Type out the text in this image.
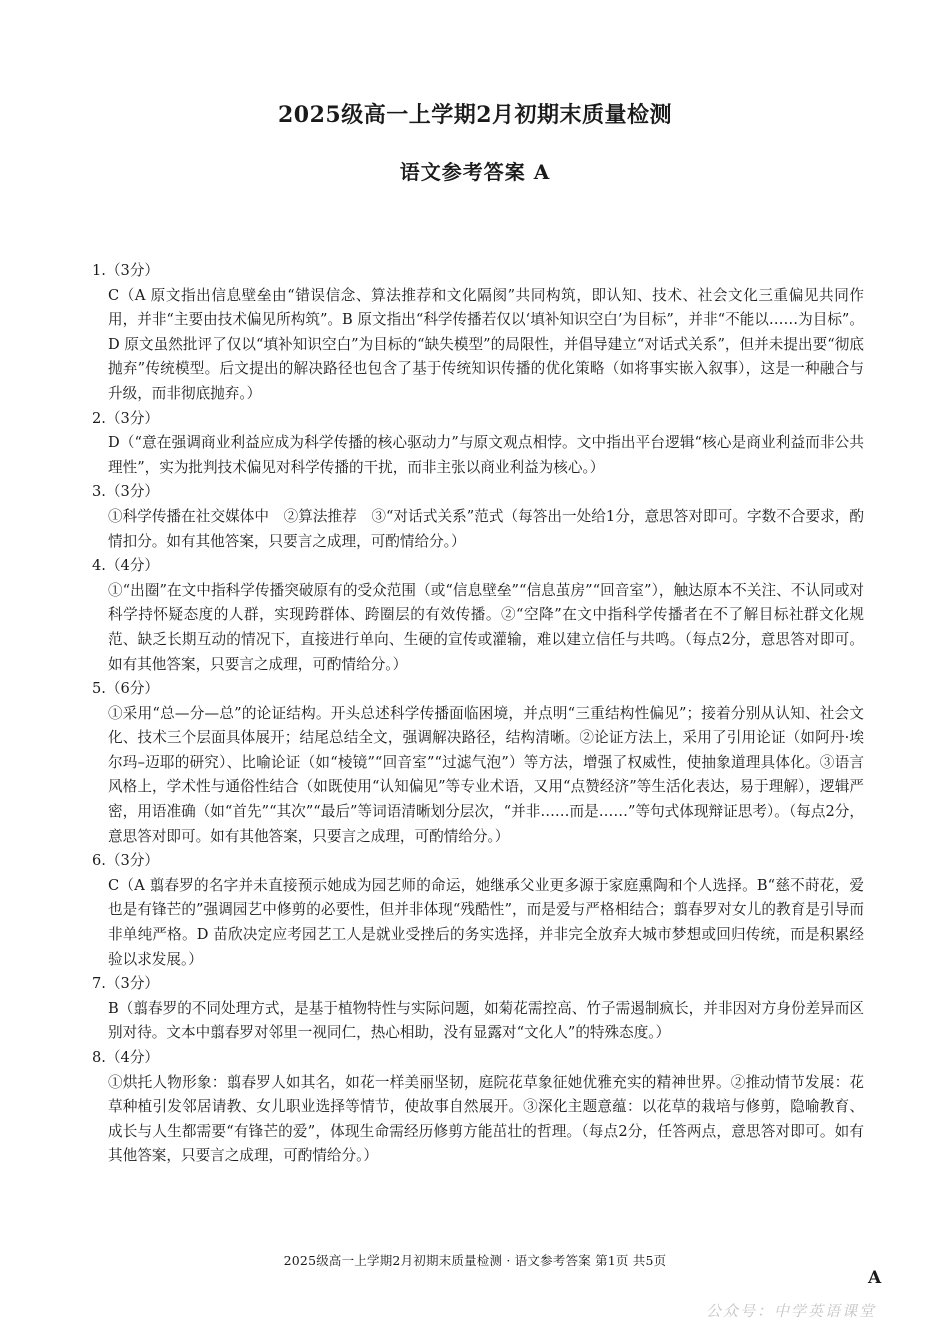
2025级高一上学期2月初期末质量检测
语文参考答案 A
1.（3分）
C（A 原文指出信息壁垒由“错误信念、算法推荐和文化隔阂”共同构筑，即认知、技术、社会文化三重偏见共同作用，并非“主要由技术偏见所构筑”。B 原文指出“科学传播若仅以‘填补知识空白’为目标”，并非“不能以……为目标”。D 原文虽然批评了仅以“填补知识空白”为目标的“缺失模型”的局限性，并倡导建立“对话式关系”，但并未提出要“彻底抛弃”传统模型。后文提出的解决路径也包含了基于传统知识传播的优化策略（如将事实嵌入叙事），这是一种融合与升级，而非彻底抛弃。）
2.（3分）
D（“意在强调商业利益应成为科学传播的核心驱动力”与原文观点相悖。文中指出平台逻辑“核心是商业利益而非公共理性”，实为批判技术偏见对科学传播的干扰，而非主张以商业利益为核心。）
3.（3分）
①科学传播在社交媒体中　②算法推荐　③“对话式关系”范式（每答出一处给1分，意思答对即可。字数不合要求，酌情扣分。如有其他答案，只要言之成理，可酌情给分。）
4.（4分）
①“出圈”在文中指科学传播突破原有的受众范围（或“信息壁垒”“信息茧房”“回音室”），触达原本不关注、不认同或对科学持怀疑态度的人群，实现跨群体、跨圈层的有效传播。②“空降”在文中指科学传播者在不了解目标社群文化规范、缺乏长期互动的情况下，直接进行单向、生硬的宣传或灌输，难以建立信任与共鸣。（每点2分，意思答对即可。如有其他答案，只要言之成理，可酌情给分。）
5.（6分）
①采用“总—分—总”的论证结构。开头总述科学传播面临困境，并点明“三重结构性偏见”；接着分别从认知、社会文化、技术三个层面具体展开；结尾总结全文，强调解决路径，结构清晰。②论证方法上，采用了引用论证（如阿丹·埃尔玛–迈耶的研究）、比喻论证（如“棱镜”“回音室”“过滤气泡”）等方法，增强了权威性，使抽象道理具体化。③语言风格上，学术性与通俗性结合（如既使用“认知偏见”等专业术语，又用“点赞经济”等生活化表达，易于理解），逻辑严密，用语准确（如“首先”“其次”“最后”等词语清晰划分层次，“并非……而是……”等句式体现辩证思考）。（每点2分，意思答对即可。如有其他答案，只要言之成理，可酌情给分。）
6.（3分）
C（A 翦春罗的名字并未直接预示她成为园艺师的命运，她继承父业更多源于家庭熏陶和个人选择。B“慈不莳花，爱也是有锋芒的”强调园艺中修剪的必要性，但并非体现“残酷性”，而是爱与严格相结合；翦春罗对女儿的教育是引导而非单纯严格。D 苗欣决定应考园艺工人是就业受挫后的务实选择，并非完全放弃大城市梦想或回归传统，而是积累经验以求发展。）
7.（3分）
B（翦春罗的不同处理方式，是基于植物特性与实际问题，如菊花需控高、竹子需遏制疯长，并非因对方身份差异而区别对待。文本中翦春罗对邻里一视同仁，热心相助，没有显露对“文化人”的特殊态度。）
8.（4分）
①烘托人物形象：翦春罗人如其名，如花一样美丽坚韧，庭院花草象征她优雅充实的精神世界。②推动情节发展：花草种植引发邻居请教、女儿职业选择等情节，使故事自然展开。③深化主题意蕴：以花草的栽培与修剪，隐喻教育、成长与人生都需要“有锋芒的爱”，体现生命需经历修剪方能茁壮的哲理。（每点2分，任答两点，意思答对即可。如有其他答案，只要言之成理，可酌情给分。）
2025级高一上学期2月初期末质量检测 · 语文参考答案 第1页 共5页
A
公众号：中学英语课堂
